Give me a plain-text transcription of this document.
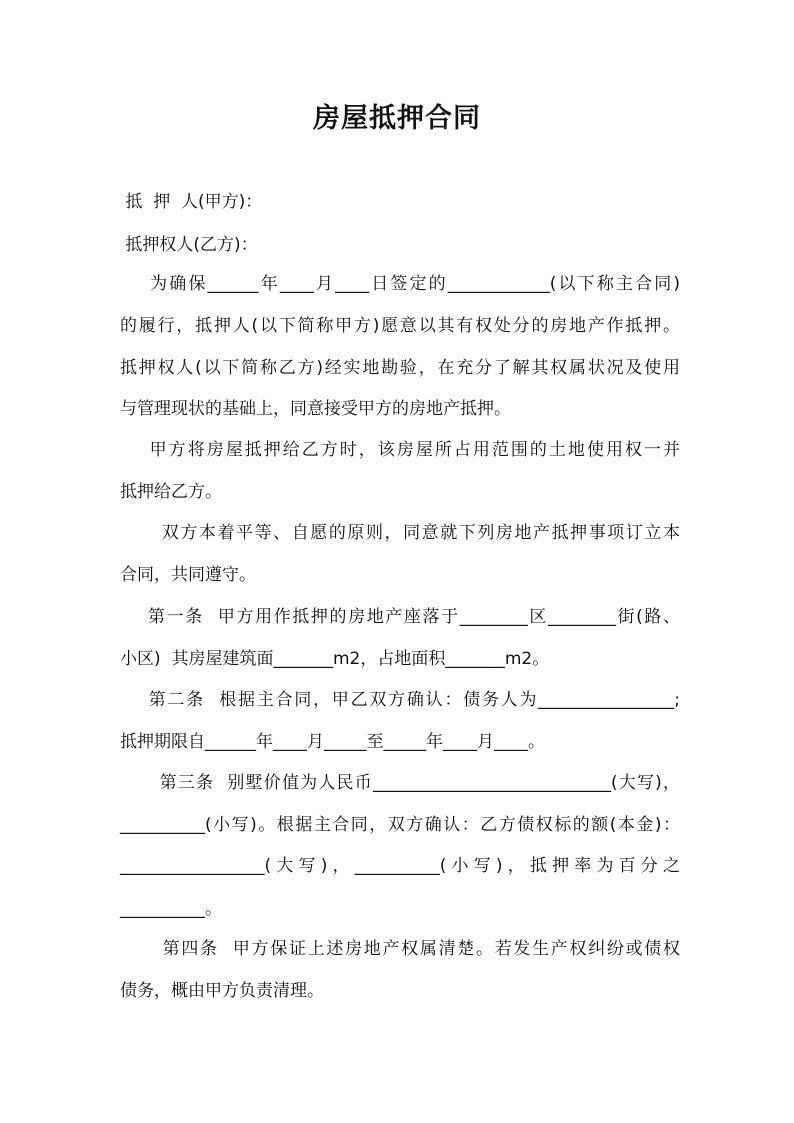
房屋抵押合同
抵  押  人(甲方)：
抵押权人(乙方)：
为确保______年____月____日签定的____________(以下称主合同)
的履行，抵押人(以下简称甲方)愿意以其有权处分的房地产作抵押。
抵押权人(以下简称乙方)经实地勘验，在充分了解其权属状况及使用
与管理现状的基础上，同意接受甲方的房地产抵押。
甲方将房屋抵押给乙方时，该房屋所占用范围的土地使用权一并
抵押给乙方。
双方本着平等、自愿的原则，同意就下列房地产抵押事项订立本
合同，共同遵守。
第一条  甲方用作抵押的房地产座落于________区________街(路、
小区)  其房屋建筑面_______m2，占地面积_______m2。
第二条  根据主合同，甲乙双方确认：债务人为________________;
抵押期限自______年____月_____至_____年____月____。
第三条  别墅价值为人民币____________________________(大写)，
__________(小写)。根据主合同，双方确认：乙方债权标的额(本金)：
_________________(大写)，__________(小写)，抵押率为百分之
__________。
第四条  甲方保证上述房地产权属清楚。若发生产权纠纷或债权
债务，概由甲方负责清理。
